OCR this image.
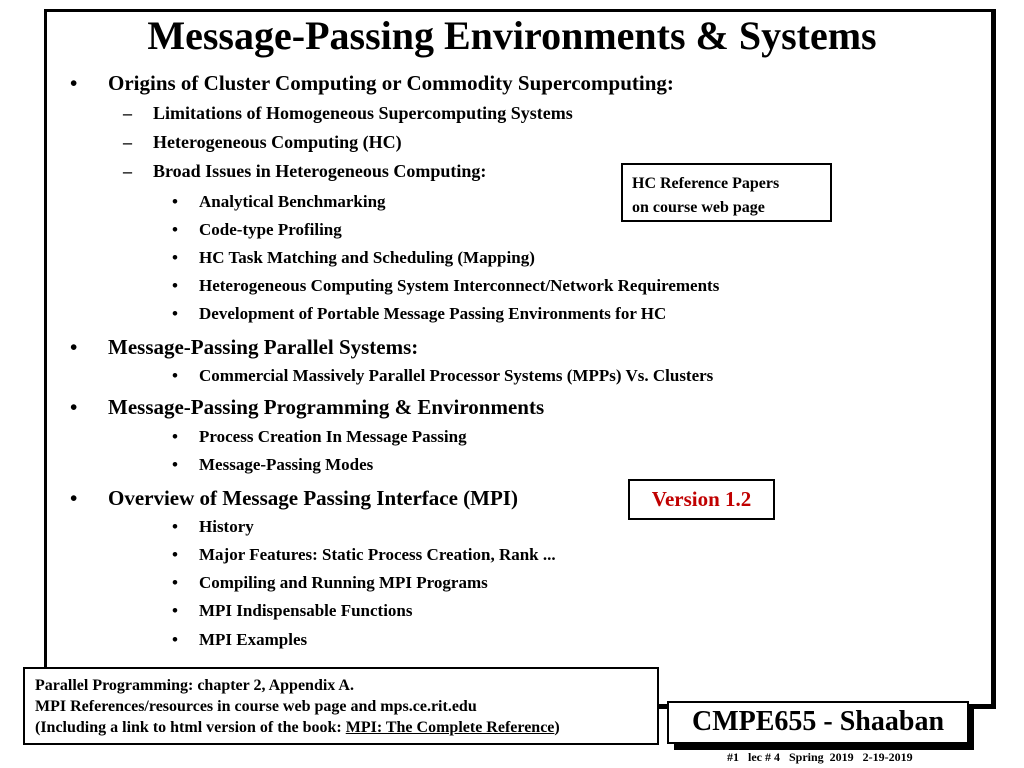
Message-Passing Environments & Systems
• Origins of Cluster Computing or Commodity Supercomputing:
– Limitations of Homogeneous Supercomputing Systems
– Heterogeneous Computing (HC)
– Broad Issues in Heterogeneous Computing:
• Analytical Benchmarking
• Code-type Profiling
• HC Task Matching and Scheduling (Mapping)
• Heterogeneous Computing System Interconnect/Network Requirements
• Development of Portable Message Passing Environments for HC
• Message-Passing Parallel Systems:
• Commercial Massively Parallel Processor Systems (MPPs) Vs. Clusters
• Message-Passing Programming & Environments
• Process Creation In Message Passing
• Message-Passing Modes
• Overview of Message Passing Interface (MPI)
• History
• Major Features: Static Process Creation, Rank ...
• Compiling and Running MPI Programs
• MPI Indispensable Functions
• MPI Examples
HC Reference Papers
on course web page
Version 1.2
Parallel Programming: chapter 2, Appendix A.
MPI References/resources in course web page and mps.ce.rit.edu
(Including a link to html version of the book: MPI: The Complete Reference)	CMPE655 - Shaaban
#1   lec # 4   Spring  2019   2-19-2019
